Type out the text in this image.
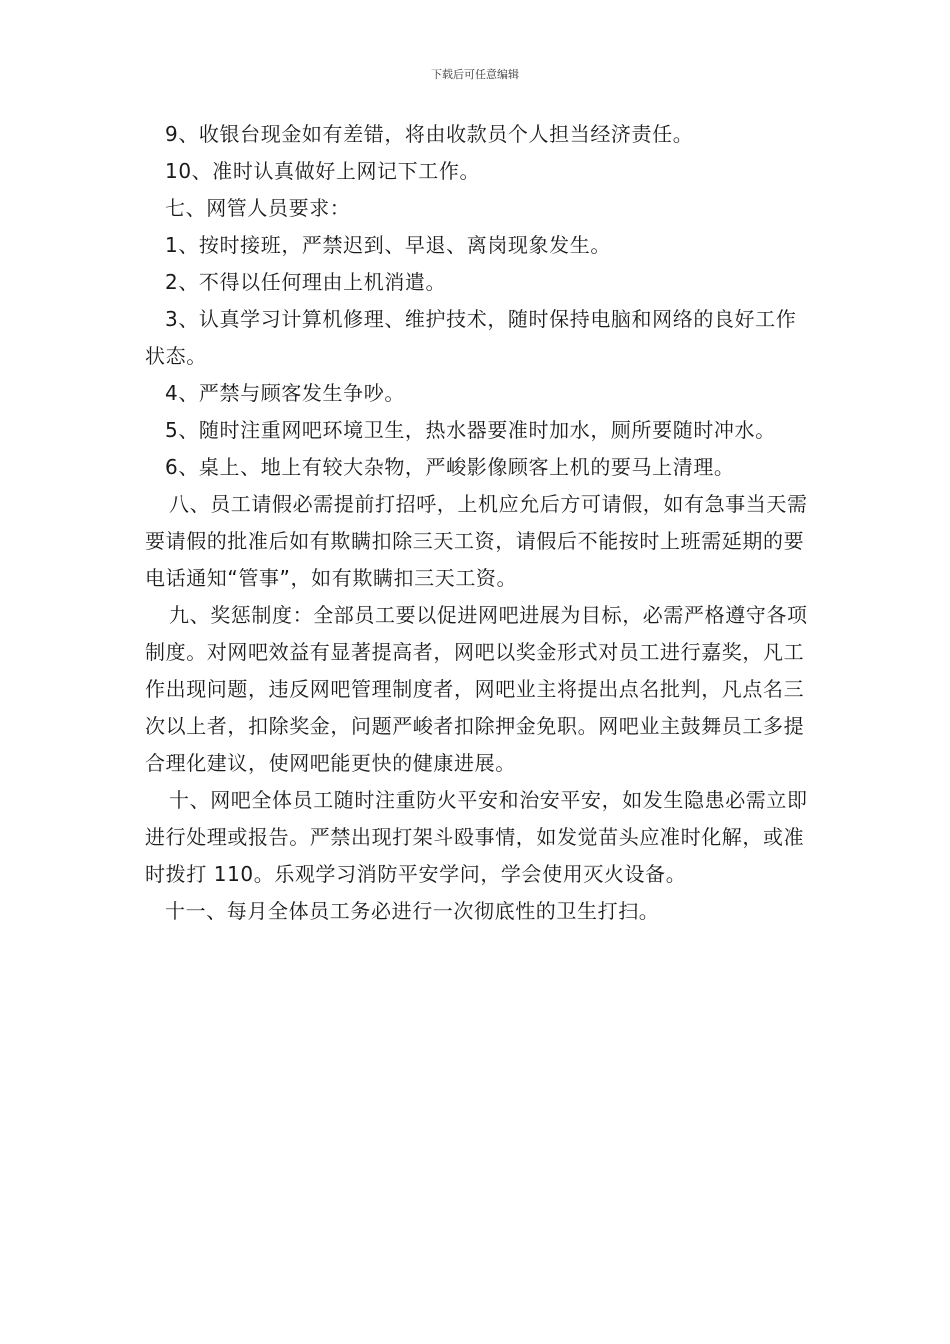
下载后可任意编辑

9、收银台现金如有差错，将由收款员个人担当经济责任。

10、准时认真做好上网记下工作。

七、网管人员要求：

1、按时接班，严禁迟到、早退、离岗现象发生。

2、不得以任何理由上机消遣。

3、认真学习计算机修理、维护技术，随时保持电脑和网络的良好工作状态。

4、严禁与顾客发生争吵。

5、随时注重网吧环境卫生，热水器要准时加水，厕所要随时冲水。

6、桌上、地上有较大杂物，严峻影像顾客上机的要马上清理。

八、员工请假必需提前打招呼，上机应允后方可请假，如有急事当天需要请假的批准后如有欺瞒扣除三天工资，请假后不能按时上班需延期的要电话通知“管事”，如有欺瞒扣三天工资。

九、奖惩制度：全部员工要以促进网吧进展为目标，必需严格遵守各项制度。对网吧效益有显著提高者，网吧以奖金形式对员工进行嘉奖，凡工作出现问题，违反网吧管理制度者，网吧业主将提出点名批判，凡点名三次以上者，扣除奖金，问题严峻者扣除押金免职。网吧业主鼓舞员工多提合理化建议，使网吧能更快的健康进展。

十、网吧全体员工随时注重防火平安和治安平安，如发生隐患必需立即进行处理或报告。严禁出现打架斗殴事情，如发觉苗头应准时化解，或准时拨打 110。乐观学习消防平安学问，学会使用灭火设备。

十一、每月全体员工务必进行一次彻底性的卫生打扫。
